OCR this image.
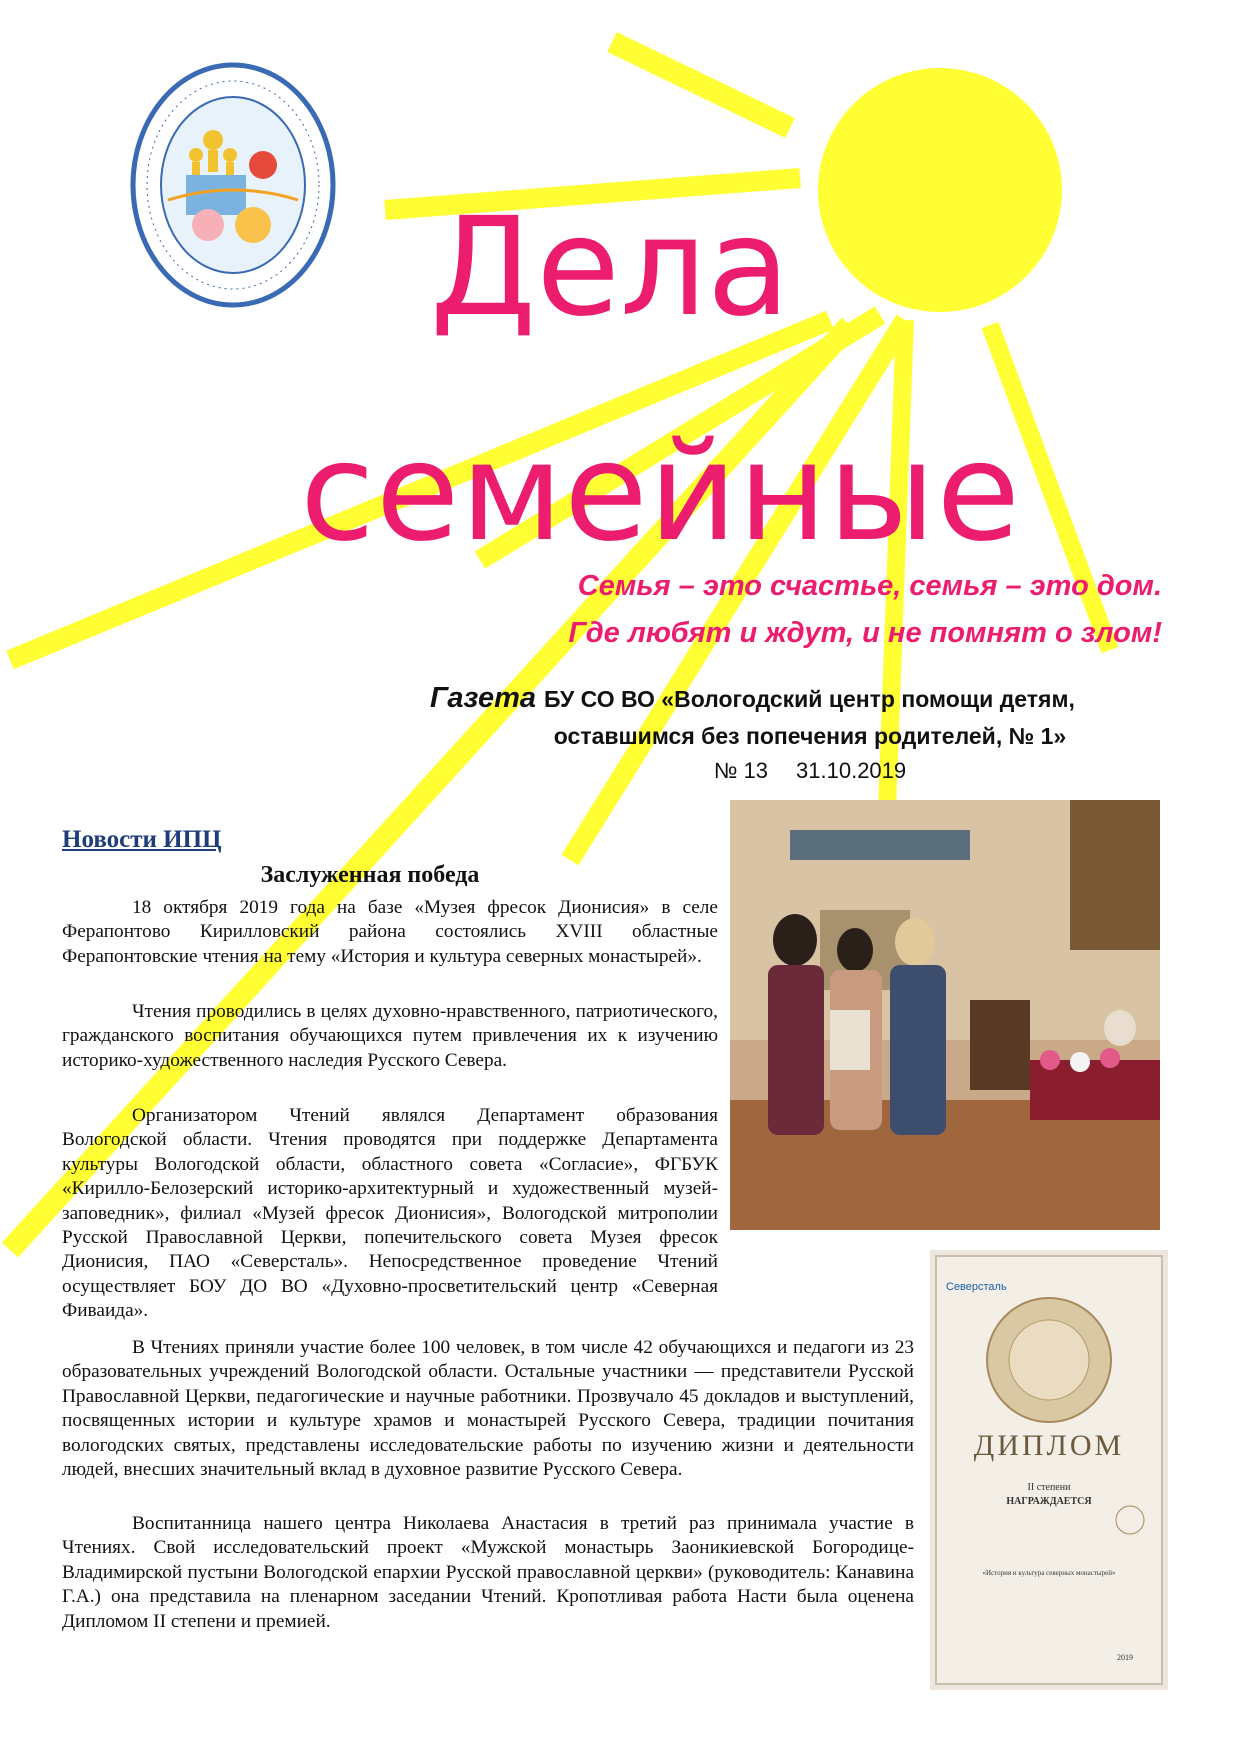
Дела
семейные
Семья – это счастье, семья – это дом.
Где любят и ждут, и не помнят о злом!
Газета БУ СО ВО «Вологодский центр помощи детям,
оставшимся без попечения родителей, № 1»
№ 13 31.10.2019
Новости ИПЦ
Заслуженная победа

18 октября 2019 года на базе «Музея фресок Дионисия» в селе Ферапонтово Кирилловский района состоялись XVIII областные Ферапонтовские чтения на тему «История и культура северных монастырей».

Чтения проводились в целях духовно-нравственного, патриотического, гражданского воспитания обучающихся путем привлечения их к изучению историко-художественного наследия Русского Севера.

Организатором Чтений являлся Департамент образования Вологодской области. Чтения проводятся при поддержке Департамента культуры Вологодской области, областного совета «Согласие», ФГБУК «Кирилло-Белозерский историко-архитектурный и художественный музей-заповедник», филиал «Музей фресок Дионисия», Вологодской митрополии Русской Православной Церкви, попечительского совета Музея фресок Дионисия, ПАО «Северсталь». Непосредственное проведение Чтений осуществляет БОУ ДО ВО «Духовно-просветительский центр «Северная Фиваида».

В Чтениях приняли участие более 100 человек, в том числе 42 обучающихся и педагоги из 23 образовательных учреждений Вологодской области. Остальные участники — представители Русской Православной Церкви, педагогические и научные работники. Прозвучало 45 докладов и выступлений, посвященных истории и культуре храмов и монастырей Русского Севера, традиции почитания вологодских святых, представлены исследовательские работы по изучению жизни и деятельности людей, внесших значительный вклад в духовное развитие Русского Севера.

Воспитанница нашего центра Николаева Анастасия в третий раз принимала участие в Чтениях. Свой исследовательский проект «Мужской монастырь Заоникиевской Богородице-Владимирской пустыни Вологодской епархии Русской православной церкви» (руководитель: Канавина Г.А.) она представила на пленарном заседании Чтений. Кропотливая работа Насти была оценена Дипломом II степени и премией.

Северсталь
ДИПЛОМ
II степени
НАГРАЖДАЕТСЯ
«История и культура северных монастырей»
2019
